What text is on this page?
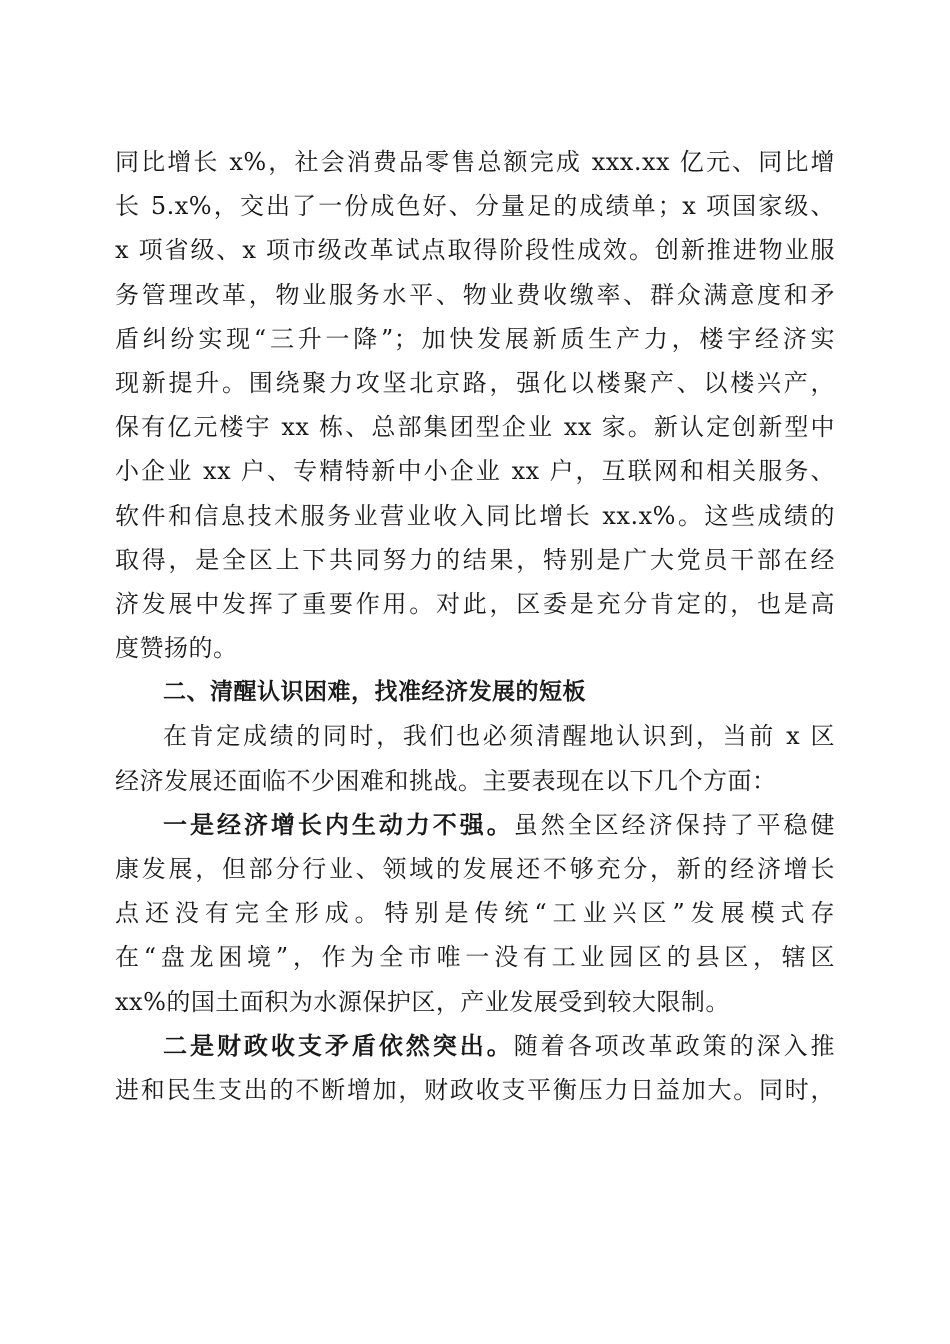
同比增长 x%，社会消费品零售总额完成 xxx.xx 亿元、同比增
长 5.x%，交出了一份成色好、分量足的成绩单；x 项国家级、
x 项省级、x 项市级改革试点取得阶段性成效。创新推进物业服
务管理改革，物业服务水平、物业费收缴率、群众满意度和矛
盾纠纷实现“三升一降”；加快发展新质生产力，楼宇经济实
现新提升。围绕聚力攻坚北京路，强化以楼聚产、以楼兴产，
保有亿元楼宇 xx 栋、总部集团型企业 xx 家。新认定创新型中
小企业 xx 户、专精特新中小企业 xx 户，互联网和相关服务、
软件和信息技术服务业营业收入同比增长 xx.x%。这些成绩的
取得，是全区上下共同努力的结果，特别是广大党员干部在经
济发展中发挥了重要作用。对此，区委是充分肯定的，也是高
度赞扬的。
二、清醒认识困难，找准经济发展的短板
在肯定成绩的同时，我们也必须清醒地认识到，当前 x 区
经济发展还面临不少困难和挑战。主要表现在以下几个方面：
一是经济增长内生动力不强。虽然全区经济保持了平稳健
康发展，但部分行业、领域的发展还不够充分，新的经济增长
点还没有完全形成。特别是传统“工业兴区”发展模式存
在“盘龙困境”，作为全市唯一没有工业园区的县区，辖区
xx%的国土面积为水源保护区，产业发展受到较大限制。
二是财政收支矛盾依然突出。随着各项改革政策的深入推
进和民生支出的不断增加，财政收支平衡压力日益加大。同时，
